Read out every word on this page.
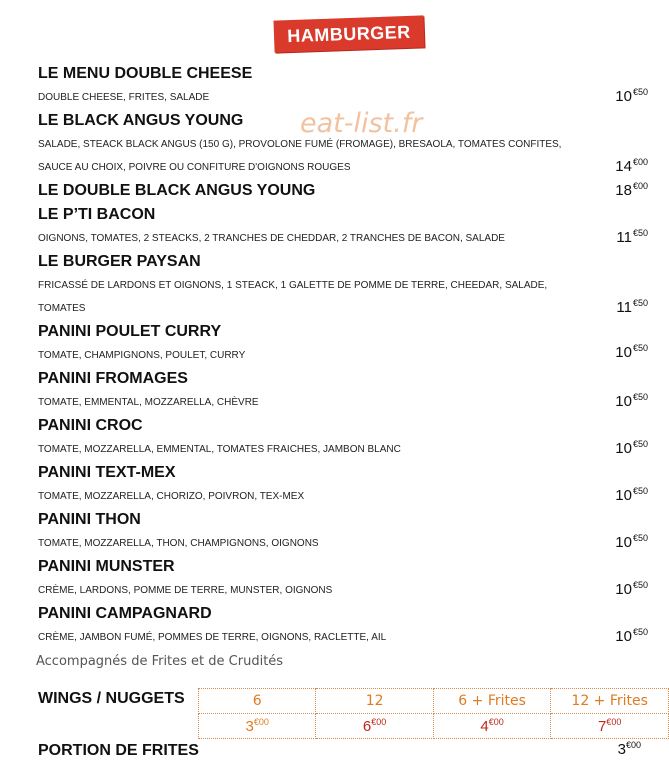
HAMBURGER
LE MENU DOUBLE CHEESE
DOUBLE CHEESE, FRITES, SALADE	$10^{€50}$
LE BLACK ANGUS YOUNG
SALADE, STEACK BLACK ANGUS (150 G), PROVOLONE FUMÉ (FROMAGE), BRESAOLA, TOMATES CONFITES,
SAUCE AU CHOIX, POIVRE OU CONFITURE D'OIGNONS ROUGES	$14^{€00}$
LE DOUBLE BLACK ANGUS YOUNG	$18^{€00}$
LE P’TI BACON
OIGNONS, TOMATES, 2 STEACKS, 2 TRANCHES DE CHEDDAR, 2 TRANCHES DE BACON, SALADE	$11^{€50}$
LE BURGER PAYSAN
FRICASSÉ DE LARDONS ET OIGNONS, 1 STEACK, 1 GALETTE DE POMME DE TERRE, CHEEDAR, SALADE,
TOMATES	$11^{€50}$
PANINI POULET CURRY
TOMATE, CHAMPIGNONS, POULET, CURRY	$10^{€50}$
PANINI FROMAGES
TOMATE, EMMENTAL, MOZZARELLA, CHÈVRE	$10^{€50}$
PANINI CROC
TOMATE, MOZZARELLA, EMMENTAL, TOMATES FRAICHES, JAMBON BLANC	$10^{€50}$
PANINI TEXT-MEX
TOMATE, MOZZARELLA, CHORIZO, POIVRON, TEX-MEX	$10^{€50}$
PANINI THON
TOMATE, MOZZARELLA, THON, CHAMPIGNONS, OIGNONS	$10^{€50}$
PANINI MUNSTER
CRÈME, LARDONS, POMME DE TERRE, MUNSTER, OIGNONS	$10^{€50}$
PANINI CAMPAGNARD
CRÈME, JAMBON FUMÉ, POMMES DE TERRE, OIGNONS, RACLETTE, AIL	$10^{€50}$
eat-list.fr
Accompagnés de Frites et de Crudités
WINGS / NUGGETS	6	12	6 + Frites	12 + Frites
$3^{€00}$	$6^{€00}$	$4^{€00}$	$7^{€00}$
PORTION DE FRITES	$3^{€00}$
